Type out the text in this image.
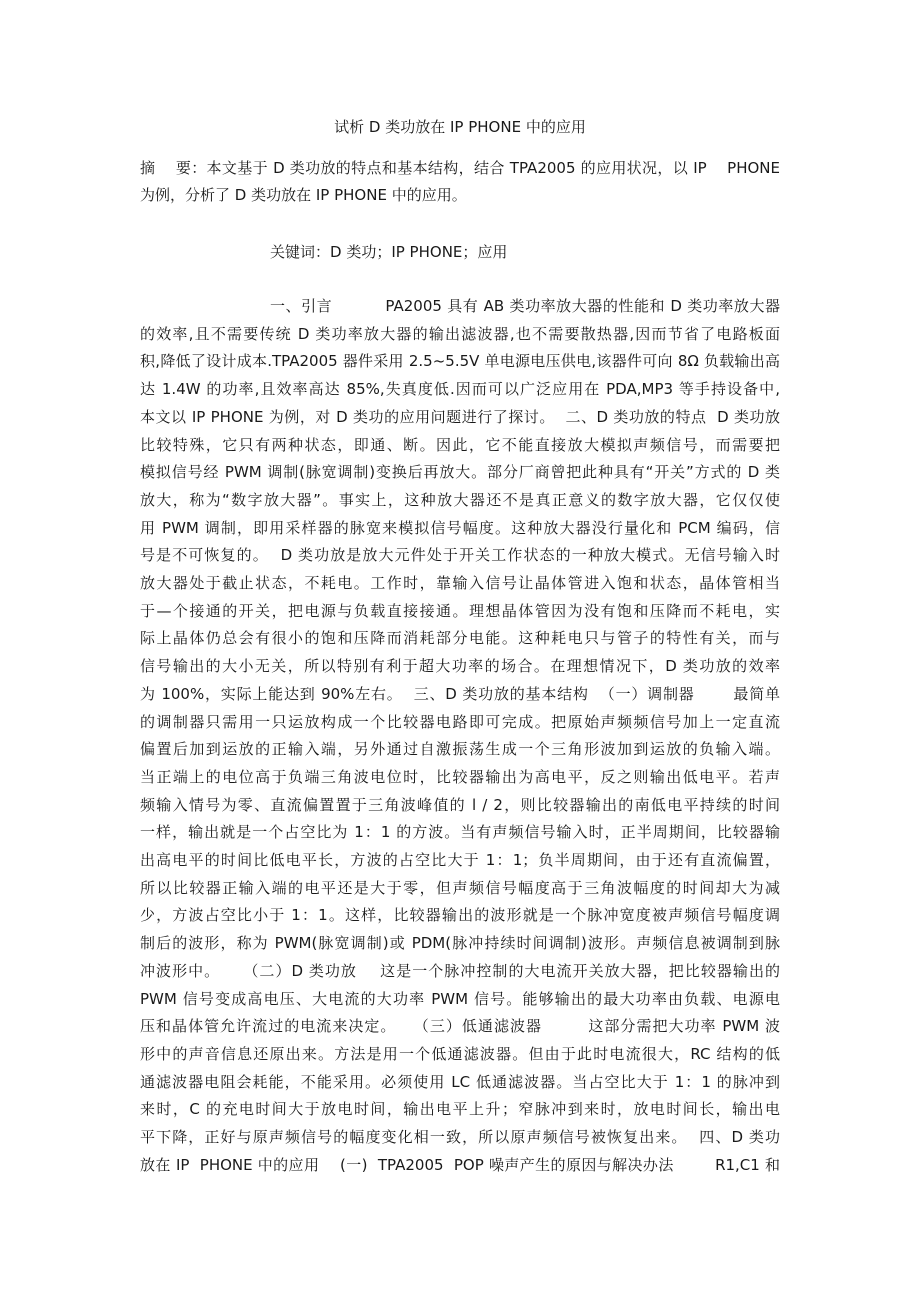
试析 D 类功放在 IP PHONE 中的应用
摘    要：本文基于 D 类功放的特点和基本结构，结合 TPA2005 的应用状况，以 IP    PHONE
为例，分析了 D 类功放在 IP PHONE 中的应用。
关键词：D 类功；IP PHONE；应用
一、引言          PA2005 具有 AB 类功率放大器的性能和 D 类功率放大器
的效率,且不需要传统 D 类功率放大器的输出滤波器,也不需要散热器,因而节省了电路板面
积,降低了设计成本.TPA2005 器件采用 2.5~5.5V 单电源电压供电,该器件可向 8Ω 负载输出高
达 1.4W 的功率,且效率高达 85%,失真度低.因而可以广泛应用在 PDA,MP3 等手持设备中,
本文以 IP PHONE 为例，对 D 类功的应用问题进行了探讨。  二、D 类功放的特点  D 类功放
比较特殊，它只有两种状态，即通、断。因此，它不能直接放大模拟声频信号，而需要把
模拟信号经 PWM 调制(脉宽调制)变换后再放大。部分厂商曾把此种具有“开关”方式的 D 类
放大，称为“数字放大器”。事实上，这种放大器还不是真正意义的数字放大器，它仅仅使
用 PWM 调制，即用采样器的脉宽来模拟信号幅度。这种放大器没行量化和 PCM 编码，信
号是不可恢复的。  D 类功放是放大元件处于开关工作状态的一种放大模式。无信号输入时
放大器处于截止状态，不耗电。工作时，靠输入信号让晶体管进入饱和状态，晶体管相当
于—个接通的开关，把电源与负载直接接通。理想晶体管因为没有饱和压降而不耗电，实
际上晶体仍总会有很小的饱和压降而消耗部分电能。这种耗电只与管子的特性有关，而与
信号输出的大小无关，所以特别有利于超大功率的场合。在理想情况下，D 类功放的效率
为 100%，实际上能达到 90%左右。  三、D 类功放的基本结构  （一）调制器       最简单
的调制器只需用一只运放构成一个比较器电路即可完成。把原始声频频信号加上一定直流
偏置后加到运放的正输入端，另外通过自激振荡生成一个三角形波加到运放的负输入端。
当正端上的电位高于负端三角波电位时，比较器输出为高电平，反之则输出低电平。若声
频输入情号为零、直流偏置置于三角波峰值的 l / 2，则比较器输出的南低电平持续的时间
一样，输出就是一个占空比为 1：1 的方波。当有声频信号输入时，正半周期间，比较器输
出高电平的时间比低电平长，方波的占空比大于 1：1；负半周期间，由于还有直流偏置，
所以比较器正输入端的电平还是大于零，但声频信号幅度高于三角波幅度的时间却大为减
少，方波占空比小于 1：1。这样，比较器输出的波形就是一个脉冲宽度被声频信号幅度调
制后的波形，称为 PWM(脉宽调制)或 PDM(脉冲持续时间调制)波形。声频信息被调制到脉
冲波形中。    （二）D 类功放    这是一个脉冲控制的大电流开关放大器，把比较器输出的
PWM 信号变成高电压、大电流的大功率 PWM 信号。能够输出的最大功率由负载、电源电
压和晶体管允许流过的电流来决定。   （三）低通滤波器        这部分需把大功率 PWM 波
形中的声音信息还原出来。方法是用一个低通滤波器。但由于此时电流很大，RC 结构的低
通滤波器电阻会耗能，不能采用。必须使用 LC 低通滤波器。当占空比大于 1：1 的脉冲到
来时，C 的充电时间大于放电时间，输出电平上升；窄脉冲到来时，放电时间长，输出电
平下降，正好与原声频信号的幅度变化相一致，所以原声频信号被恢复出来。  四、D 类功
放在 IP  PHONE 中的应用    (一)  TPA2005  POP 噪声产生的原因与解决办法        R1,C1 和
